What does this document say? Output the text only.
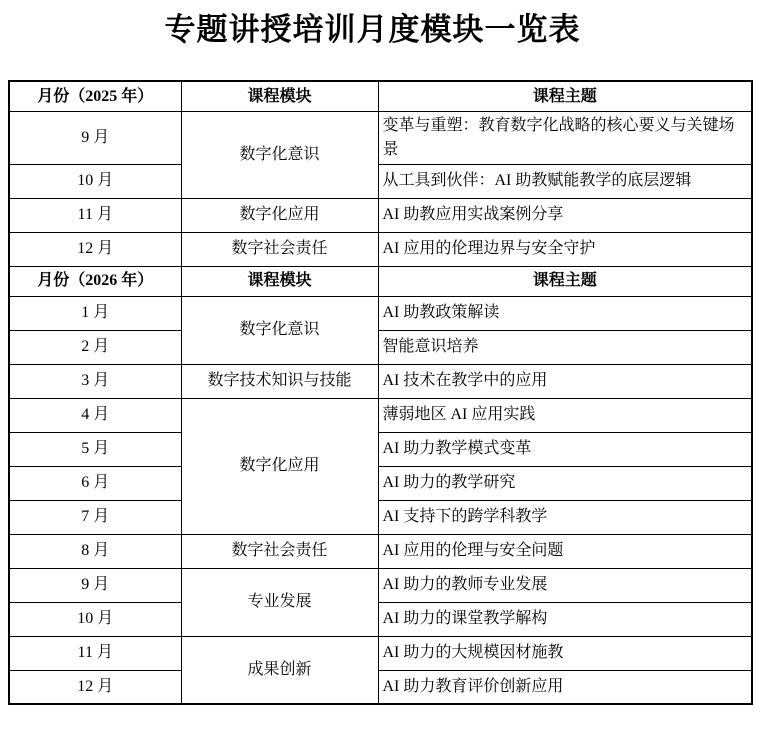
专题讲授培训月度模块一览表
月份（2025 年）	课程模块	课程主题
9 月	数字化意识	变革与重塑：教育数字化战略的核心要义与关键场景
10 月		从工具到伙伴：AI 助教赋能教学的底层逻辑
11 月	数字化应用	AI 助教应用实战案例分享
12 月	数字社会责任	AI 应用的伦理边界与安全守护
月份（2026 年）	课程模块	课程主题
1 月	数字化意识	AI 助教政策解读
2 月		智能意识培养
3 月	数字技术知识与技能	AI 技术在教学中的应用
4 月	数字化应用	薄弱地区 AI 应用实践
5 月		AI 助力教学模式变革
6 月		AI 助力的教学研究
7 月		AI 支持下的跨学科教学
8 月	数字社会责任	AI 应用的伦理与安全问题
9 月	专业发展	AI 助力的教师专业发展
10 月		AI 助力的课堂教学解构
11 月	成果创新	AI 助力的大规模因材施教
12 月		AI 助力教育评价创新应用
